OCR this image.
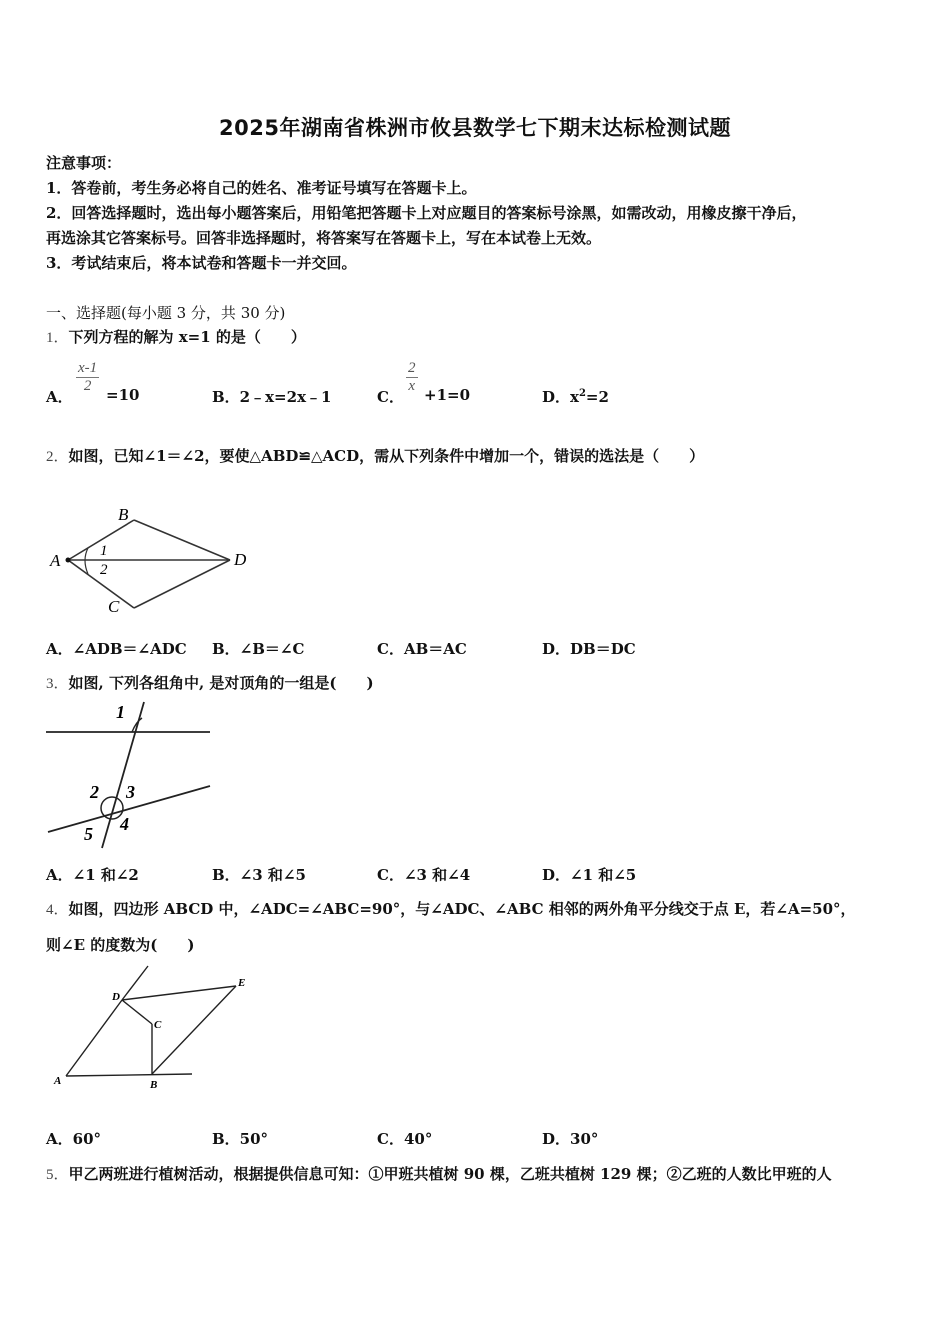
2025年湖南省株洲市攸县数学七下期末达标检测试题
注意事项：
1．答卷前，考生务必将自己的姓名、准考证号填写在答题卡上。
2．回答选择题时，选出每小题答案后，用铅笔把答题卡上对应题目的答案标号涂黑，如需改动，用橡皮擦干净后，
再选涂其它答案标号。回答非选择题时，将答案写在答题卡上，写在本试卷上无效。
3．考试结束后，将本试卷和答题卡一并交回。
一、选择题(每小题 3 分，共 30 分)
1．下列方程的解为 x=1 的是（　　）
A．
$\frac{x-1}{2} =10$	B．2﹣x=2x﹣1	C．
$\frac{2}{x} +1=0$	D．$x^2=2$
2．如图，已知∠1＝∠2，要使△ABD≌△ACD，需从下列条件中增加一个，错误的选法是（　　）
A
B
C
D
1
2
A．∠ADB＝∠ADC B．∠B＝∠C	C．AB＝AC	D．DB＝DC
3．如图, 下列各组角中, 是对顶角的一组是(　　)
1
2 3
4
5
A．∠1 和∠2	B．∠3 和∠5	C．∠3 和∠4	D．∠1 和∠5
4．如图，四边形 ABCD 中，∠ADC=∠ABC=90°，与∠ADC、∠ABC 相邻的两外角平分线交于点 E，若∠A=50°，
则∠E 的度数为(　　)
A	B
C
D
E
A．60°	B．50°	C．40°	D．30°
5．甲乙两班进行植树活动，根据提供信息可知：①甲班共植树 90 棵，乙班共植树 129 棵；②乙班的人数比甲班的人
